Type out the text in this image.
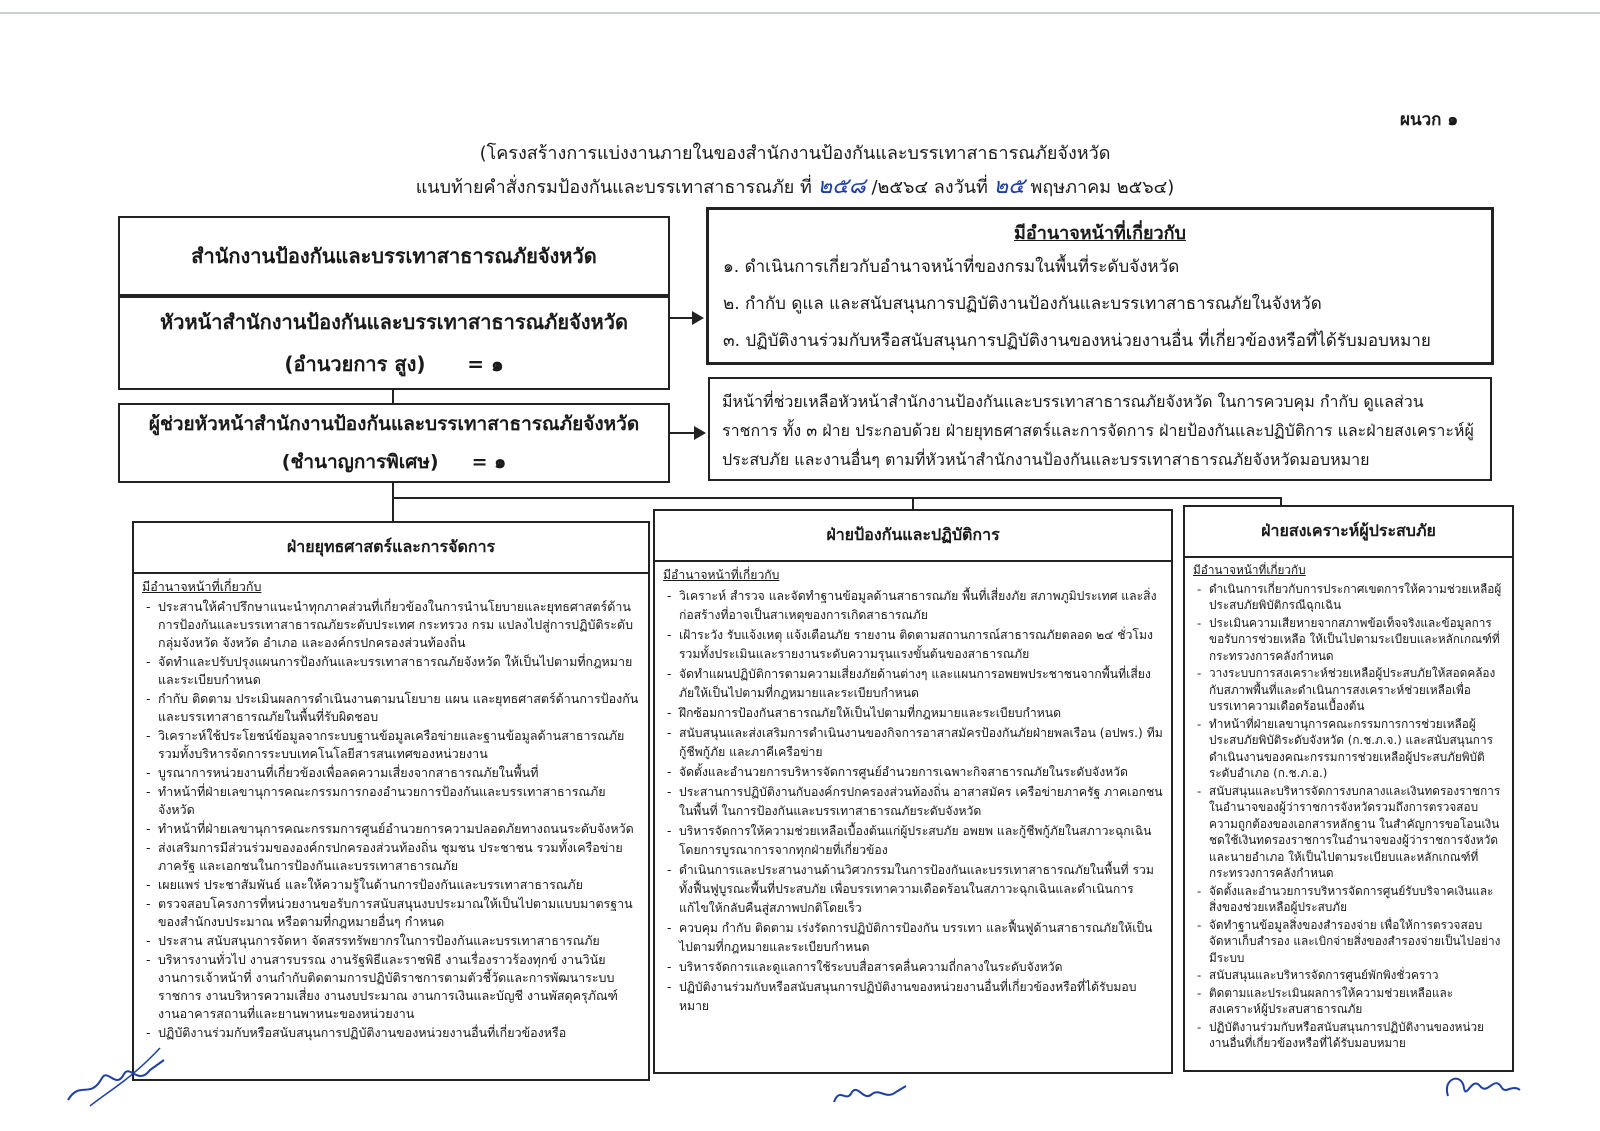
ผนวก ๑
(โครงสร้างการแบ่งงานภายในของสำนักงานป้องกันและบรรเทาสาธารณภัยจังหวัด
แนบท้ายคำสั่งกรมป้องกันและบรรเทาสาธารณภัย ที่ ๒๕๘ /๒๕๖๔ ลงวันที่ ๒๕ พฤษภาคม ๒๕๖๔)
สำนักงานป้องกันและบรรเทาสาธารณภัยจังหวัด
หัวหน้าสำนักงานป้องกันและบรรเทาสาธารณภัยจังหวัด
(อำนวยการ สูง)      = ๑
ผู้ช่วยหัวหน้าสำนักงานป้องกันและบรรเทาสาธารณภัยจังหวัด
(ชำนาญการพิเศษ)     = ๑
มีอำนาจหน้าที่เกี่ยวกับ
๑. ดำเนินการเกี่ยวกับอำนาจหน้าที่ของกรมในพื้นที่ระดับจังหวัด
๒. กำกับ ดูแล และสนับสนุนการปฏิบัติงานป้องกันและบรรเทาสาธารณภัยในจังหวัด
๓. ปฏิบัติงานร่วมกับหรือสนับสนุนการปฏิบัติงานของหน่วยงานอื่น ที่เกี่ยวข้องหรือที่ได้รับมอบหมาย
มีหน้าที่ช่วยเหลือหัวหน้าสำนักงานป้องกันและบรรเทาสาธารณภัยจังหวัด ในการควบคุม กำกับ ดูแลส่วนราชการ ทั้ง ๓ ฝ่าย ประกอบด้วย ฝ่ายยุทธศาสตร์และการจัดการ ฝ่ายป้องกันและปฏิบัติการ และฝ่ายสงเคราะห์ผู้ประสบภัย และงานอื่นๆ ตามที่หัวหน้าสำนักงานป้องกันและบรรเทาสาธารณภัยจังหวัดมอบหมาย
ฝ่ายยุทธศาสตร์และการจัดการ
มีอำนาจหน้าที่เกี่ยวกับ
- ประสานให้คำปรึกษาแนะนำทุกภาคส่วนที่เกี่ยวข้องในการนำนโยบายและยุทธศาสตร์ด้านการป้องกันและบรรเทาสาธารณภัยระดับประเทศ กระทรวง กรม แปลงไปสู่การปฏิบัติระดับกลุ่มจังหวัด จังหวัด อำเภอ และองค์กรปกครองส่วนท้องถิ่น
- จัดทำและปรับปรุงแผนการป้องกันและบรรเทาสาธารณภัยจังหวัด ให้เป็นไปตามที่กฎหมายและระเบียบกำหนด
- กำกับ ติดตาม ประเมินผลการดำเนินงานตามนโยบาย แผน และยุทธศาสตร์ด้านการป้องกันและบรรเทาสาธารณภัยในพื้นที่รับผิดชอบ
- วิเคราะห์ใช้ประโยชน์ข้อมูลจากระบบฐานข้อมูลเครือข่ายและฐานข้อมูลด้านสาธารณภัย รวมทั้งบริหารจัดการระบบเทคโนโลยีสารสนเทศของหน่วยงาน
- บูรณาการหน่วยงานที่เกี่ยวข้องเพื่อลดความเสี่ยงจากสาธารณภัยในพื้นที่
- ทำหน้าที่ฝ่ายเลขานุการคณะกรรมการกองอำนวยการป้องกันและบรรเทาสาธารณภัยจังหวัด
- ทำหน้าที่ฝ่ายเลขานุการคณะกรรมการศูนย์อำนวยการความปลอดภัยทางถนนระดับจังหวัด
- ส่งเสริมการมีส่วนร่วมขององค์กรปกครองส่วนท้องถิ่น ชุมชน ประชาชน รวมทั้งเครือข่ายภาครัฐ และเอกชนในการป้องกันและบรรเทาสาธารณภัย
- เผยแพร่ ประชาสัมพันธ์ และให้ความรู้ในด้านการป้องกันและบรรเทาสาธารณภัย
- ตรวจสอบโครงการที่หน่วยงานขอรับการสนับสนุนงบประมาณให้เป็นไปตามแบบมาตรฐานของสำนักงบประมาณ หรือตามที่กฎหมายอื่นๆ กำหนด
- ประสาน สนับสนุนการจัดหา จัดสรรทรัพยากรในการป้องกันและบรรเทาสาธารณภัย
- บริหารงานทั่วไป งานสารบรรณ งานรัฐพิธีและราชพิธี งานเรื่องราวร้องทุกข์ งานวินัย งานการเจ้าหน้าที่ งานกำกับติดตามการปฏิบัติราชการตามตัวชี้วัดและการพัฒนาระบบราชการ งานบริหารความเสี่ยง งานงบประมาณ งานการเงินและบัญชี งานพัสดุครุภัณฑ์ งานอาคารสถานที่และยานพาหนะของหน่วยงาน
- ปฏิบัติงานร่วมกับหรือสนับสนุนการปฏิบัติงานของหน่วยงานอื่นที่เกี่ยวข้องหรือ
ฝ่ายป้องกันและปฏิบัติการ
มีอำนาจหน้าที่เกี่ยวกับ
- วิเคราะห์ สำรวจ และจัดทำฐานข้อมูลด้านสาธารณภัย พื้นที่เสี่ยงภัย สภาพภูมิประเทศ และสิ่งก่อสร้างที่อาจเป็นสาเหตุของการเกิดสาธารณภัย
- เฝ้าระวัง รับแจ้งเหตุ แจ้งเตือนภัย รายงาน ติดตามสถานการณ์สาธารณภัยตลอด ๒๔ ชั่วโมง รวมทั้งประเมินและรายงานระดับความรุนแรงขั้นต้นของสาธารณภัย
- จัดทำแผนปฏิบัติการตามความเสี่ยงภัยด้านต่างๆ และแผนการอพยพประชาชนจากพื้นที่เสี่ยงภัยให้เป็นไปตามที่กฎหมายและระเบียบกำหนด
- ฝึกซ้อมการป้องกันสาธารณภัยให้เป็นไปตามที่กฎหมายและระเบียบกำหนด
- สนับสนุนและส่งเสริมการดำเนินงานของกิจการอาสาสมัครป้องกันภัยฝ่ายพลเรือน (อปพร.) ทีมกู้ชีพกู้ภัย และภาคีเครือข่าย
- จัดตั้งและอำนวยการบริหารจัดการศูนย์อำนวยการเฉพาะกิจสาธารณภัยในระดับจังหวัด
- ประสานการปฏิบัติงานกับองค์กรปกครองส่วนท้องถิ่น อาสาสมัคร เครือข่ายภาครัฐ ภาคเอกชนในพื้นที่ ในการป้องกันและบรรเทาสาธารณภัยระดับจังหวัด
- บริหารจัดการให้ความช่วยเหลือเบื้องต้นแก่ผู้ประสบภัย อพยพ และกู้ชีพกู้ภัยในสภาวะฉุกเฉินโดยการบูรณาการจากทุกฝ่ายที่เกี่ยวข้อง
- ดำเนินการและประสานงานด้านวิศวกรรมในการป้องกันและบรรเทาสาธารณภัยในพื้นที่ รวมทั้งฟื้นฟูบูรณะพื้นที่ประสบภัย เพื่อบรรเทาความเดือดร้อนในสภาวะฉุกเฉินและดำเนินการแก้ไขให้กลับคืนสู่สภาพปกติโดยเร็ว
- ควบคุม กำกับ ติดตาม เร่งรัดการปฏิบัติการป้องกัน บรรเทา และฟื้นฟูด้านสาธารณภัยให้เป็นไปตามที่กฎหมายและระเบียบกำหนด
- บริหารจัดการและดูแลการใช้ระบบสื่อสารคลื่นความถี่กลางในระดับจังหวัด
- ปฏิบัติงานร่วมกับหรือสนับสนุนการปฏิบัติงานของหน่วยงานอื่นที่เกี่ยวข้องหรือที่ได้รับมอบหมาย
ฝ่ายสงเคราะห์ผู้ประสบภัย
มีอำนาจหน้าที่เกี่ยวกับ
- ดำเนินการเกี่ยวกับการประกาศเขตการให้ความช่วยเหลือผู้ประสบภัยพิบัติกรณีฉุกเฉิน
- ประเมินความเสียหายจากสภาพข้อเท็จจริงและข้อมูลการขอรับการช่วยเหลือ ให้เป็นไปตามระเบียบและหลักเกณฑ์ที่กระทรวงการคลังกำหนด
- วางระบบการสงเคราะห์ช่วยเหลือผู้ประสบภัยให้สอดคล้องกับสภาพพื้นที่และดำเนินการสงเคราะห์ช่วยเหลือเพื่อบรรเทาความเดือดร้อนเบื้องต้น
- ทำหน้าที่ฝ่ายเลขานุการคณะกรรมการการช่วยเหลือผู้ประสบภัยพิบัติระดับจังหวัด (ก.ช.ภ.จ.) และสนับสนุนการดำเนินงานของคณะกรรมการช่วยเหลือผู้ประสบภัยพิบัติระดับอำเภอ (ก.ช.ภ.อ.)
- สนับสนุนและบริหารจัดการงบกลางและเงินทดรองราชการในอำนาจของผู้ว่าราชการจังหวัดรวมถึงการตรวจสอบความถูกต้องของเอกสารหลักฐาน ในสำคัญการขอโอนเงินชดใช้เงินทดรองราชการในอำนาจของผู้ว่าราชการจังหวัดและนายอำเภอ ให้เป็นไปตามระเบียบและหลักเกณฑ์ที่กระทรวงการคลังกำหนด
- จัดตั้งและอำนวยการบริหารจัดการศูนย์รับบริจาคเงินและสิ่งของช่วยเหลือผู้ประสบภัย
- จัดทำฐานข้อมูลสิ่งของสำรองจ่าย เพื่อให้การตรวจสอบจัดหาเก็บสำรอง และเบิกจ่ายสิ่งของสำรองจ่ายเป็นไปอย่างมีระบบ
- สนับสนุนและบริหารจัดการศูนย์พักพิงชั่วคราว
- ติดตามและประเมินผลการให้ความช่วยเหลือและสงเคราะห์ผู้ประสบสาธารณภัย
- ปฏิบัติงานร่วมกับหรือสนับสนุนการปฏิบัติงานของหน่วยงานอื่นที่เกี่ยวข้องหรือที่ได้รับมอบหมาย
